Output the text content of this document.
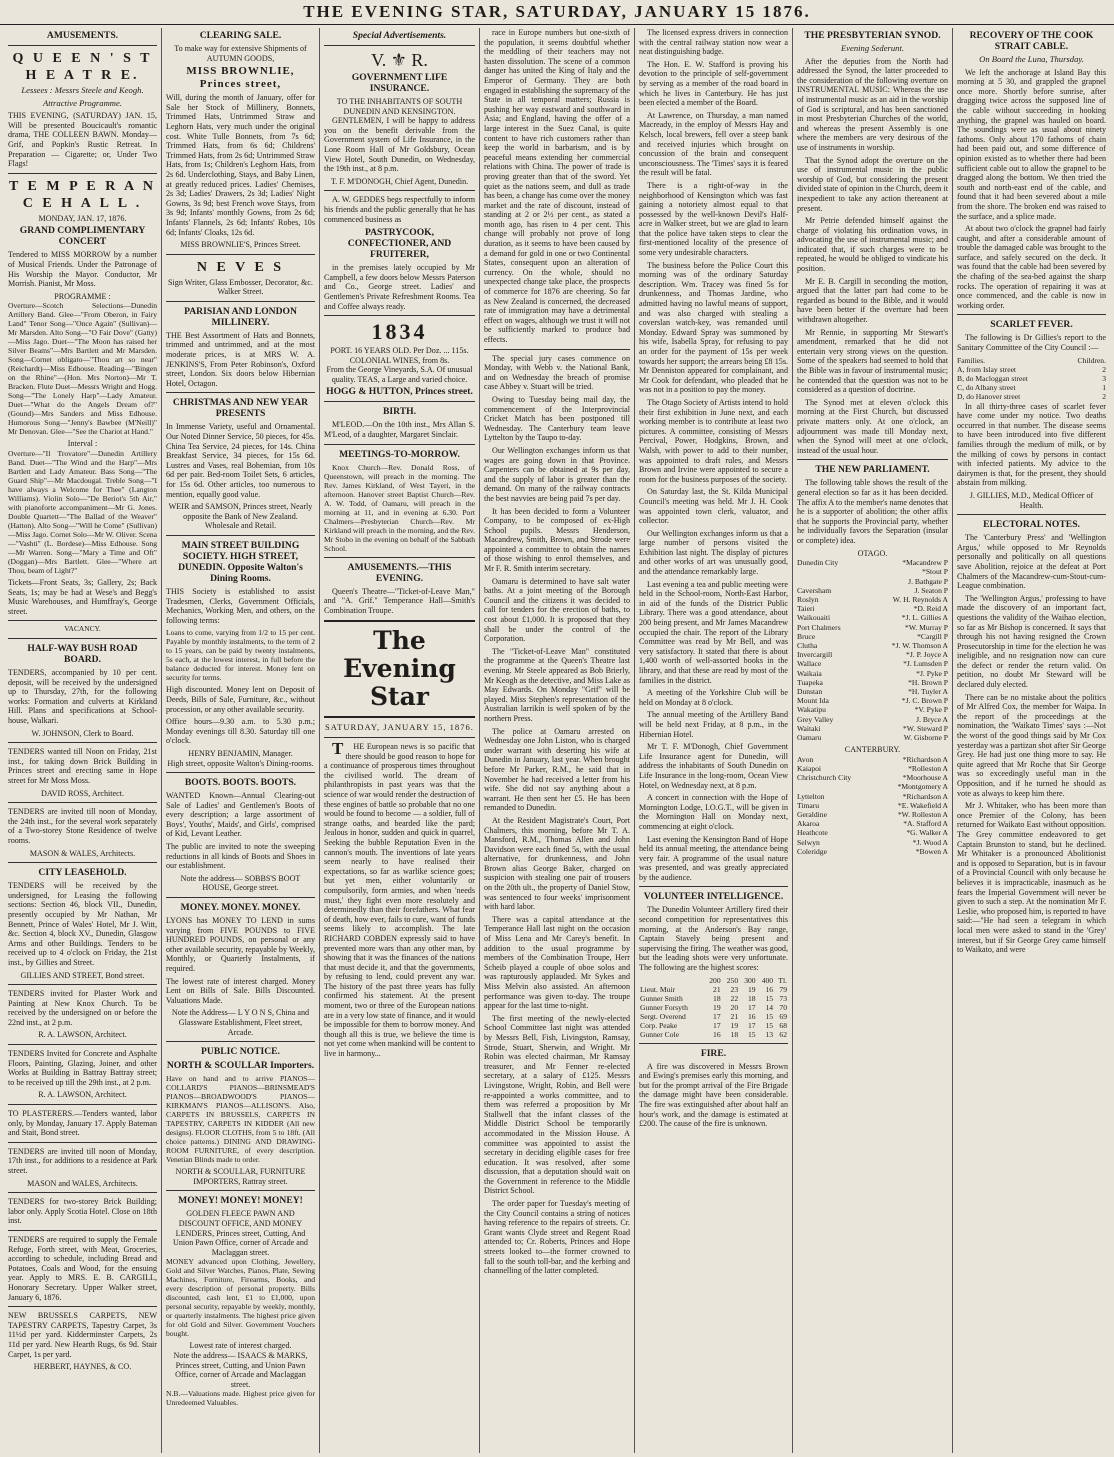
THE EVENING STAR, SATURDAY, JANUARY 15 1876.
AMUSEMENTS.
Q U E E N ' S T H E A T R E.
Lessees : Messrs Steele and Keogh.
Attractive Programme.

THIS EVENING, (SATURDAY) JAN. 15, Will be presented Boucicault's romantic drama, THE COLLEEN BAWN. Monday—Grif, and Popkin's Rustic Retreat. In Preparation — Cigarette; or, Under Two Flags!

T E M P E R A N C E H A L L .
MONDAY, JAN. 17, 1876.
GRAND COMPLIMENTARY CONCERT

Tendered to MISS MORROW by a number of Musical Friends. Under the Patronage of His Worship the Mayor. Conductor, Mr Morrish. Pianist, Mr Moss.

PROGRAMME :

Overture—Scotch Selections—Dunedin Artillery Band. Glee—"From Oberon, in Fairy Land" Tenor Song—"Once Again" (Sullivan)—Mr Marsden. Alto Song—"O Fair Dove" (Gatty)—Miss Jago. Duet—"The Moon has raised her Silver Beams"—Mrs Bartlett and Mr Marsden. Song—Cornet obligato—"Thou art so near" (Reichardt)—Miss Edhouse. Reading—"Bingen on the Rhine"—(Hon. Mrs Norton)—Mr T. Bracken. Flute Duet—Messrs Wright and Hogg. Song—"The Lonely Harp"—Lady Amateur. Duet—"What do the Angels Dream of?" (Gound)—Mrs Sanders and Miss Edhouse. Humorous Song—"Jenny's Bawbee (M'Neill)" Mr Denovan. Glee—"See the Chariot at Hand."

Interval :

Overture—"Il Trovatore"—Dunedin Artillery Band. Duet—"The Wind and the Harp"—Mrs Bartlett and Lady Amateur. Bass Song—"The Guard Ship"—Mr Macdougal. Treble Song—"I have always a Welcome for Thee" (Langton Williams). Violin Solo—"De Beriot's 5th Air," with pianoforte accompaniment—Mr G. Jones. Double Quartett—"The Ballad of the Weaver" (Hatton). Alto Song—"Will he Come" (Sullivan)—Miss Jago. Cornet Solo—Mr W. Oliver. Scena—"Vashti" (L. Bordese)—Miss Edhouse. Song—Mr Warren. Song—"Mary a Time and Oft" (Doggan)—Mrs Bartlett. Glee—"Where art Thou, beam of Light?"

Tickets—Front Seats, 3s; Gallery, 2s; Back Seats, 1s; may be had at Wese's and Begg's Music Warehouses, and Humffray's, George street.

VACANCY.
HALF-WAY BUSH ROAD BOARD.

TENDERS, accompanied by 10 per cent. deposit, will be received by the undersigned up to Thursday, 27th, for the following works: Formation and culverts at Kirkland Hill. Plans and specifications at School-house, Walkari.

W. JOHNSON, Clerk to Board.

TENDERS wanted till Noon on Friday, 21st inst., for taking down Brick Building in Princes street and erecting same in Hope street for Mr Moss Moss.

DAVID ROSS, Architect.

TENDERS are invited till noon of Monday, the 24th inst., for the several work separately of a Two-storey Stone Residence of twelve rooms.

MASON & WALES, Architects.
CITY LEASEHOLD.

TENDERS will be received by the undersigned, for Leasing the following sections: Section 46, block VII., Dunedin, presently occupied by Mr Nathan, Mr Bennett, Prince of Wales' Hotel, Mr J. Witt, &c. Section 4, block XV., Dunedin, Glasgow Arms and other Buildings. Tenders to be received up to 4 o'clock on Friday, the 21st inst., by Gillies and Street.

GILLIES AND STREET, Bond street.

TENDERS invited for Plaster Work and Painting at New Knox Church. To be received by the undersigned on or before the 22nd inst., at 2 p.m.

R. A. LAWSON, Architect.

TENDERS Invited for Concrete and Asphalte Floors, Painting, Glazing, Joiner, and other Works at Building in Battray Battray street; to be received up till the 29th inst., at 2 p.m.

R. A. LAWSON, Architect.

TO PLASTERERS.—Tenders wanted, labor only, by Monday, January 17. Apply Bateman and Stait, Bond street.

TENDERS are invited till noon of Monday, 17th inst., for additions to a residence at Park street.

MASON and WALES, Architects.

TENDERS for two-storey Brick Building; labor only. Apply Scotia Hotel. Close on 18th inst.

TENDERS are required to supply the Female Refuge, Forth street, with Meat, Groceries, according to schedule, including Bread and Potatoes, Coals and Wood, for the ensuing year. Apply to MRS. E. B. CARGILL, Honorary Secretary. Upper Walker street, January 6, 1876.

NEW BRUSSELS CARPETS, NEW TAPESTRY CARPETS, Tapestry Carpet, 3s 11½d per yard. Kidderminster Carpets, 2s 11d per yard. New Hearth Rugs, 6s 9d. Stair Carpet, 1s per yard.

HERBERT, HAYNES, & CO.
CLEARING SALE.
To make way for extensive Shipments of AUTUMN GOODS,
MISS BROWNLIE, Princes street,

Will, during the month of January, offer for Sale her Stock of Millinery, Bonnets, Trimmed Hats, Untrimmed Straw and Leghorn Hats, very much under the original cost. White Tulle Bonnets, from 7s 6d; Trimmed Hats, from 6s 6d; Childrens' Trimmed Hats, from 2s 6d; Untrimmed Straw Hats, from 1s; Children's Leghorn Hats, from 2s 6d. Underclothing, Stays, and Baby Linen, at greatly reduced prices. Ladies' Chemises, 2s 3d; Ladies' Drawers, 2s 3d; Ladies' Night Gowns, 3s 9d; best French wove Stays, from 3s 9d; Infants' monthly Gowns, from 2s 6d; Infants' Flannels, 2s 6d; Infants' Robes, 10s 6d; Infants' Cloaks, 12s 6d.

MISS BROWNLIE'S, Princes Street.
N E V E S
Sign Writer, Glass Embosser, Decorator, &c. Walker Street.
PARISIAN AND LONDON MILLINERY.

THE Best Assortment of Hats and Bonnets, trimmed and untrimmed, and at the most moderate prices, is at MRS W. A. JENKINS'S, From Peter Robinson's, Oxford street, London. Six doors below Hibernian Hotel, Octagon.

CHRISTMAS AND NEW YEAR PRESENTS

In Immense Variety, useful and Ornamental. Our Noted Dinner Service, 50 pieces, for 45s. China Tea Service, 24 pieces, for 14s. China Breakfast Service, 34 pieces, for 15s 6d. Lustres and Vases, real Bohemian, from 10s 6d per pair. Bed-room Toilet Sets, 6 articles, for 15s 6d. Other articles, too numerous to mention, equally good value.

WEIR and SAMSON, Princes street, Nearly opposite the Bank of New Zealand. Wholesale and Retail.
MAIN STREET BUILDING SOCIETY. HIGH STREET, DUNEDIN. Opposite Walton's Dining Rooms.

THIS Society is established to assist Tradesmen, Clerks, Government Officials, Mechanics, Working Men, and others, on the following terms:

Loans to come, varying from 1/2 to 15 per cent. Payable by monthly instalments, to the term of 2 to 15 years, can be paid by twenty instalments, 5s each, at the lowest interest, in full before the balance deducted for interest. Money lent on security for terms.

High discounted. Money lent on Deposit of Deeds, Bills of Sale, Furniture, &c., without procession, or any other available security.

Office hours—9.30 a.m. to 5.30 p.m.; Monday evenings till 8.30. Saturday till one o'clock.

HENRY BENJAMIN, Manager.
High street, opposite Walton's Dining-rooms.
BOOTS. BOOTS. BOOTS.

WANTED Known—Annual Clearing-out Sale of Ladies' and Gentlemen's Boots of every description; a large assortment of Boys', Youths', Maids', and Girls', comprised of Kid, Levant Leather.

The public are invited to note the sweeping reductions in all kinds of Boots and Shoes in our establishment.

Note the address— SOBBS'S BOOT HOUSE, George street.
MONEY. MONEY. MONEY.

LYONS has MONEY TO LEND in sums varying from FIVE POUNDS to FIVE HUNDRED POUNDS, on personal or any other available security, repayable by Weekly, Monthly, or Quarterly Instalments, if required.

The lowest rate of interest charged. Money Lent on Bills of Sale. Bills Discounted. Valuations Made.

Note the Address— L Y O N S, China and Glassware Establishment, Fleet street, Arcade.
PUBLIC NOTICE.
NORTH & SCOULLAR Importers.

Have on hand and to arrive PIANOS—COLLARD'S PIANOS—BRINSMEAD'S PIANOS—BROADWOOD'S PIANOS—KIRKMAN'S PIANOS—ALLISON'S. Also, CARPETS IN BRUSSELS, CARPETS IN TAPESTRY, CARPETS IN KIDDER (All new designs). FLOOR CLOTHS, from 5 to 18ft. (All choice patterns.) DINING AND DRAWING-ROOM FURNITURE, of every description. Venetian Blinds made to order.

NORTH & SCOULLAR, FURNITURE IMPORTERS, Rattray street.
MONEY! MONEY! MONEY!
GOLDEN FLEECE PAWN AND DISCOUNT OFFICE, AND MONEY LENDERS, Princes street, Cutting, And Union Pawn Office, corner of Arcade and Maclaggan street.

MONEY advanced upon Clothing, Jewellery, Gold and Silver Watches, Pianos, Plate, Sewing Machines, Furniture, Firearms, Books, and every description of personal property. Bills discounted, cash lent, £1 to £1,000, upon personal security, repayable by weekly, monthly, or quarterly instalments. The highest price given for old Gold and Silver. Government Vouchers bought.

Lowest rate of interest charged.
Note the address— ISAACS & MARKS, Princes street, Cutting, and Union Pawn Office, corner of Arcade and Maclaggan street.

N.B.—Valuations made. Highest price given for Unredeemed Valuables.

Special Advertisements.
V. ⚜ R.
GOVERNMENT LIFE INSURANCE.
TO THE INHABITANTS OF SOUTH DUNEDIN AND KENSINGTON.

GENTLEMEN, I will be happy to address you on the benefit derivable from the Government system of Life Insurance, in the Lone Room Hall of Mr Goldsbury, Ocean View Hotel, South Dunedin, on Wednesday, the 19th inst., at 8 p.m.

T. F. M'DONOGH, Chief Agent, Dunedin.

A. W. GEDDES begs respectfully to inform his friends and the public generally that he has commenced business as

PASTRYCOOK, CONFECTIONER, AND FRUITERER,

in the premises lately occupied by Mr Campbell, a few doors below Messrs Paterson and Co., George street. Ladies' and Gentlemen's Private Refreshment Rooms. Tea and Coffee always ready.

1834
PORT. 16 YEARS OLD. Per Doz. ... 115s. COLONIAL WINES, from 8s.
From the George Vineyards, S.A. Of unusual quality. TEAS, a Large and varied choice.
HOGG & HUTTON, Princes street.
BIRTH.

M'LEOD.—On the 10th inst., Mrs Allan S. M'Leod, of a daughter, Margaret Sinclair.

MEETINGS-TO-MORROW.

Knox Church—Rev. Donald Ross, of Queenstown, will preach in the morning. The Rev. James Kirkland, of West Tayeri, in the afternoon. Hanover street Baptist Church—Rev. A. W. Todd, of Oamaru, will preach in the morning at 11, and in evening at 6.30. Port Chalmers—Presbyterian Church—Rev. Mr Kirkland will preach in the morning, and the Rev. Mr Stobo in the evening on behalf of the Sabbath School.

AMUSEMENTS.—THIS EVENING.

Queen's Theatre—"Ticket-of-Leave Man," and "A. Grif." Temperance Hall—Smith's Combination Troupe.

The Evening Star
SATURDAY, JANUARY 15, 1876.

THE European news is so pacific that there should be good reason to hope for a continuance of prosperous times throughout the civilised world. The dream of philanthropists in past years was that the science of war would render the destruction of these engines of battle so probable that no one would be found to become — a soldier, full of strange oaths, and bearded like the pard; Jealous in honor, sudden and quick in quarrel, Seeking the bubble Reputation Even in the cannon's mouth. The inventions of late years seem nearly to have realised their expectations, so far as warlike science goes; but yet men, either voluntarily or compulsorily, form armies, and when 'needs must,' they fight even more resolutely and determinedly than their forefathers. What fear of death, how ever, fails to cure, want of funds seems likely to accomplish. The late RICHARD COBDEN expressly said to have prevented more wars than any other man, by showing that it was the finances of the nations that must decide it, and that the governments, by refusing to lend, could prevent any war. The history of the past three years has fully confirmed his statement. At the present moment, two or three of the European nations are in a very low state of finance, and it would be impossible for them to borrow money. And though all this is true, we believe the time is not yet come when mankind will be content to live in harmony...

race in Europe numbers but one-sixth of the population, it seems doubtful whether the meddling of their teachers may not hasten dissolution. The scene of a common danger has united the King of Italy and the Emperor of Germany. They are both engaged in establishing the supremacy of the State in all temporal matters; Russia is pushing her way eastward and southward in Asia; and England, having the offer of a large interest in the Suez Canal, is quite content to have rich customers rather than keep the world in barbarism, and is by peaceful means extending her commercial relations with China. The power of trade is proving greater than that of the sword. Yet quiet as the nations seem, and dull as trade has been, a change has come over the money market and the rate of discount, instead of standing at 2 or 2½ per cent., as stated a month ago, has risen to 4 per cent. This change will probably not prove of long duration, as it seems to have been caused by a demand for gold in one or two Continental States, consequent upon an alteration of currency. On the whole, should no unexpected change take place, the prospects of commerce for 1876 are cheering. So far as New Zealand is concerned, the decreased rate of immigration may have a detrimental effect on wages, although we trust it will not be sufficiently marked to produce bad effects.

The special jury cases commence on Monday, with Webb v. the National Bank, and on Wednesday the breach of promise case Abbey v. Stuart will be tried.

Owing to Tuesday being mail day, the commencement of the Interprovincial Cricket Match has been postponed till Wednesday. The Canterbury team leave Lyttelton by the Taupo to-day.

Our Wellington exchanges inform us that wages are going down in that Province. Carpenters can be obtained at 9s per day, and the supply of labor is greater than the demand. On many of the railway contracts the best navvies are being paid 7s per day.

It has been decided to form a Volunteer Company, to be composed of ex-High School pupils. Messrs Henderson, Macandrew, Smith, Brown, and Strode were appointed a committee to obtain the names of those wishing to enrol themselves, and Mr F. R. Smith interim secretary.

Oamaru is determined to have salt water baths. At a joint meeting of the Borough Council and the citizens it was decided to call for tenders for the erection of baths, to cost about £1,000. It is proposed that they shall be under the control of the Corporation.

The "Ticket-of-Leave Man" constituted the programme at the Queen's Theatre last evening. Mr Steele appeared as Bob Brierly, Mr Keogh as the detective, and Miss Lake as May Edwards. On Monday "Grif" will be played. Miss Stephen's representation of the Australian larrikin is well spoken of by the northern Press.

The police at Oamaru arrested on Wednesday one John Liston, who is charged under warrant with deserting his wife at Dunedin in January, last year. When brought before Mr Parker, R.M., he said that in November he had received a letter from his wife. She did not say anything about a warrant. He then sent her £5. He has been remanded to Dunedin.

At the Resident Magistrate's Court, Port Chalmers, this morning, before Mr T. A. Mansford, R.M., Thomas Allen and John Davidson were each fined 5s, with the usual alternative, for drunkenness, and John Brown alias George Baker, charged on suspicion with stealing one pair of trousers on the 20th ult., the property of Daniel Stow, was sentenced to four weeks' imprisonment with hard labor.

There was a capital attendance at the Temperance Hall last night on the occasion of Miss Lena and Mr Carey's benefit. In addition to the usual programme by members of the Combination Troupe, Herr Scheib played a couple of oboe solos and was rapturously applauded. Mr Sykes and Miss Melvin also assisted. An afternoon performance was given to-day. The troupe appear for the last time to-night.

The first meeting of the newly-elected School Committee last night was attended by Messrs Bell, Fish, Livingston, Ramsay, Strode, Stuart, Sherwin, and Wright. Mr Robin was elected chairman, Mr Ramsay treasurer, and Mr Fenner re-elected secretary, at a salary of £125. Messrs Livingstone, Wright, Robin, and Bell were re-appointed a works committee, and to them was referred a proposition by Mr Stallwell that the infant classes of the Middle District School be temporarily accommodated in the Mission House. A committee was appointed to assist the secretary in deciding eligible cases for free education. It was resolved, after some discussion, that a deputation should wait on the Government in reference to the Middle District School.

The order paper for Tuesday's meeting of the City Council contains a string of notices having reference to the repairs of streets. Cr. Grant wants Clyde street and Regent Road attended to; Cr. Roberts, Princes and Hope streets looked to—the former crowned to fall to the south toll-bar, and the kerbing and channelling of the latter completed.

The licensed express drivers in connection with the central railway station now wear a neat distinguishing badge.

The Hon. E. W. Stafford is proving his devotion to the principle of self-government by serving as a member of the road board in which he lives in Canterbury. He has just been elected a member of the Board.

At Lawrence, on Thursday, a man named Macready, in the employ of Messrs Hay and Kelsch, local brewers, fell over a steep bank and received injuries which brought on concussion of the brain and consequent unconsciousness. The 'Times' says it is feared the result will be fatal.

There is a right-of-way in the neighborhood of Kensington which was fast gaining a notoriety almost equal to that possessed by the well-known Devil's Half-acre in Walker street, but we are glad to learn that the police have taken steps to clear the first-mentioned locality of the presence of some very undesirable characters.

The business before the Police Court this morning was of the ordinary Saturday description. Wm. Tracey was fined 5s for drunkenness, and Thomas Jardine, who admitted having no lawful means of support, and was also charged with stealing a coverslan watch-key, was remanded until Monday. Edward Spray was summoned by his wife, Isabella Spray, for refusing to pay an order for the payment of 15s per week towards her support; the arrears being £8 15s. Mr Denniston appeared for complainant, and Mr Cook for defendant, who pleaded that he was not in a position to pay the money.

The Otago Society of Artists intend to hold their first exhibition in June next, and each working member is to contribute at least two pictures. A committee, consisting of Messrs Percival, Power, Hodgkins, Brown, and Walsh, with power to add to their number, was appointed to draft rules, and Messrs Brown and Irvine were appointed to secure a room for the business purposes of the society.

On Saturday last, the St. Kilda Municipal Council's meeting was held. Mr J. H. Cook was appointed town clerk, valuator, and collector.

Our Wellington exchanges inform us that a large number of persons visited the Exhibition last night. The display of pictures and other works of art was unusually good, and the attendance remarkably large.

Last evening a tea and public meeting were held in the School-room, North-East Harbor, in aid of the funds of the District Public Library. There was a good attendance, about 200 being present, and Mr James Macandrew occupied the chair. The report of the Library Committee was read by Mr Bell, and was very satisfactory. It stated that there is about 1,400 worth of well-assorted books in the library, and that these are read by most of the families in the district.

A meeting of the Yorkshire Club will be held on Monday at 8 o'clock.

The annual meeting of the Artillery Band will be held next Friday, at 8 p.m., in the Hibernian Hotel.

Mr T. F. M'Donogh, Chief Government Life Insurance agent for Dunedin, will address the inhabitants of South Dunedin on Life Insurance in the long-room, Ocean View Hotel, on Wednesday next, at 8 p.m.

A concert in connection with the Hope of Mornington Lodge, I.O.G.T., will be given in the Mornington Hall on Monday next, commencing at eight o'clock.

Last evening the Kensington Band of Hope held its annual meeting, the attendance being very fair. A programme of the usual nature was presented, and was greatly appreciated by the audience.

VOLUNTEER INTELLIGENCE.

The Dunedin Volunteer Artillery fired their second competition for representatives this morning, at the Anderson's Bay range, Captain Stavely being present and supervising the firing. The weather was good, but the leading shots were very unfortunate. The following are the highest scores:

	200	250	300	400	Tl.
Lieut. Muir	21	23	19	16	79
Gunner Smith	18	22	18	15	73
Gunner Forsyth	19	20	17	14	70
Sergt. Overend	17	21	16	15	69
Corp. Peake	17	19	17	15	68
Gunner Cole	16	18	15	13	62
FIRE.

A fire was discovered in Messrs Brown and Ewing's premises early this morning, and but for the prompt arrival of the Fire Brigade the damage might have been considerable. The fire was extinguished after about half an hour's work, and the damage is estimated at £200. The cause of the fire is unknown.

THE PRESBYTERIAN SYNOD.
Evening Sederunt.

After the deputies from the North had addressed the Synod, the latter proceeded to the consideration of the following overture on INSTRUMENTAL MUSIC: Whereas the use of instrumental music as an aid in the worship of God is scriptural, and has been sanctioned in most Presbyterian Churches of the world, and whereas the present Assembly is one where the members are very desirous of the use of instruments in worship.

That the Synod adopt the overture on the use of instrumental music in the public worship of God, but considering the present divided state of opinion in the Church, deem it inexpedient to take any action thereanent at present.

Mr Petrie defended himself against the charge of violating his ordination vows, in advocating the use of instrumental music; and indicated that, if such charges were to be repeated, he would be obliged to vindicate his position.

Mr E. B. Cargill in seconding the motion, argued that the latter part had come to be regarded as bound to the Bible, and it would have been better if the overture had been withdrawn altogether.

Mr Rennie, in supporting Mr Stewart's amendment, remarked that he did not entertain very strong views on the question. Some of the speakers had seemed to hold that the Bible was in favour of instrumental music; he contended that the question was not to be considered as a question of doctrine.

The Synod met at eleven o'clock this morning at the First Church, but discussed private matters only. At one o'clock, an adjournment was made till Monday next, when the Synod will meet at one o'clock, instead of the usual hour.

THE NEW PARLIAMENT.

The following table shows the result of the general election so far as it has been decided. The affix A to the member's name denotes that he is a supporter of abolition; the other affix that he supports the Provincial party, whether he individually favors the Separation (insular or complete) idea.

OTAGO.
Dunedin City	*Macandrew P
*Stout P
J. Bathgate P
Caversham	J. Seaton P
Roslyn	W. H. Reynolds A
Taieri	*D. Reid A
Waikouaiti	*J. L. Gillies A
Port Chalmers	*W. Murray P
Bruce	*Cargill P
Clutha	*J. W. Thomson A
Invercargill	*J. P. Joyce A
Wallace	*J. Lumsden P
Waikaia	*J. Pyke P
Tuapeka	*H. Brown P
Dunstan	*H. Tuyler A
Mount Ida	*J. C. Brown P
Wakatipu	*V. Pyke P
Grey Valley	J. Bryce A
Waitaki	*W. Steward P
Oamaru	W. Gisborne P
CANTERBURY.
Avon	*Richardson A
Kaiapoi	*Rolleston A
Christchurch City	*Moorhouse A
*Montgomery A
Lyttelton	*Richardson A
Timaru	*E. Wakefield A
Geraldine	*W. Rolleston A
Akaroa	*A. Stafford A
Heathcote	*G. Walker A
Selwyn	*J. Wood A
Coleridge	*Bowen A
RECOVERY OF THE COOK STRAIT CABLE.
On Board the Luna, Thursday.

We left the anchorage at Island Bay this morning at 5 30, and grappled the grapnel once more. Shortly before sunrise, after dragging twice across the supposed line of the cable without succeeding in hooking anything, the grapnel was hauled on board. The soundings were as usual about ninety fathoms. Only about 170 fathoms of chain had been paid out, and some difference of opinion existed as to whether there had been sufficient cable out to allow the grapnel to be dragged along the bottom. We then tried the south and north-east end of the cable, and found that it had been severed about a mile from the shore. The broken end was raised to the surface, and a splice made.

At about two o'clock the grapnel had fairly caught, and after a considerable amount of trouble the damaged cable was brought to the surface, and safely secured on the deck. It was found that the cable had been severed by the chafing of the sea-bed against the sharp rocks. The operation of repairing it was at once commenced, and the cable is now in working order.

SCARLET FEVER.

The following is Dr Gillies's report to the Sanitary Committee of the City Council :—

Families.	Children.
A, from Islay street	2
B, do Macloggan street	3
C, do Albany street	1
D, do Hanover street	2

In all thirty-three cases of scarlet fever have come under my notice. Two deaths occurred in that number. The disease seems to have been introduced into five different families through the medium of milk, or by the milking of cows by persons in contact with infected patients. My advice to the dairymen is that, for the present, they should abstain from milking.

J. GILLIES, M.D., Medical Officer of Health.
ELECTORAL NOTES.

The 'Canterbury Press' and 'Wellington Argus,' while opposed to Mr Reynolds personally and politically on all questions save Abolition, rejoice at the defeat at Port Chalmers of the Macandrew-cum-Stout-cum-League combination.

The 'Wellington Argus,' professing to have made the discovery of an important fact, questions the validity of the Waihao election, so far as Mr Bishop is concerned. It says that through his not having resigned the Crown Prosecutorship in time for the election he was ineligible, and no resignation now can cure the defect or render the return valid. On petition, no doubt Mr Steward will be declared duly elected.

There can be no mistake about the politics of Mr Alfred Cox, the member for Waipa. In the report of the proceedings at the nomination, the 'Waikato Times' says :—Not the worst of the good things said by Mr Cox yesterday was a partizan shot after Sir George Grey. He had just one thing more to say. He quite agreed that Mr Roche that Sir George was so exceedingly useful man in the Opposition, and if he turned he should as vote as always to keep him there.

Mr J. Whitaker, who has been more than once Premier of the Colony, has been returned for Waikato East without opposition. The Grey committee endeavored to get Captain Brunston to stand, but he declined. Mr Whitaker is a pronounced Abolitionist and is opposed to Separation, but is in favour of a Provincial Council with only because he believes it is impracticable, inasmuch as he fears the Imperial Government will never be given to such a step. At the nomination Mr F. Leslie, who proposed him, is reported to have said:—"He had seen a telegram in which local men were asked to stand in the 'Grey' interest, but if Sir George Grey came himself to Waikato, and were
